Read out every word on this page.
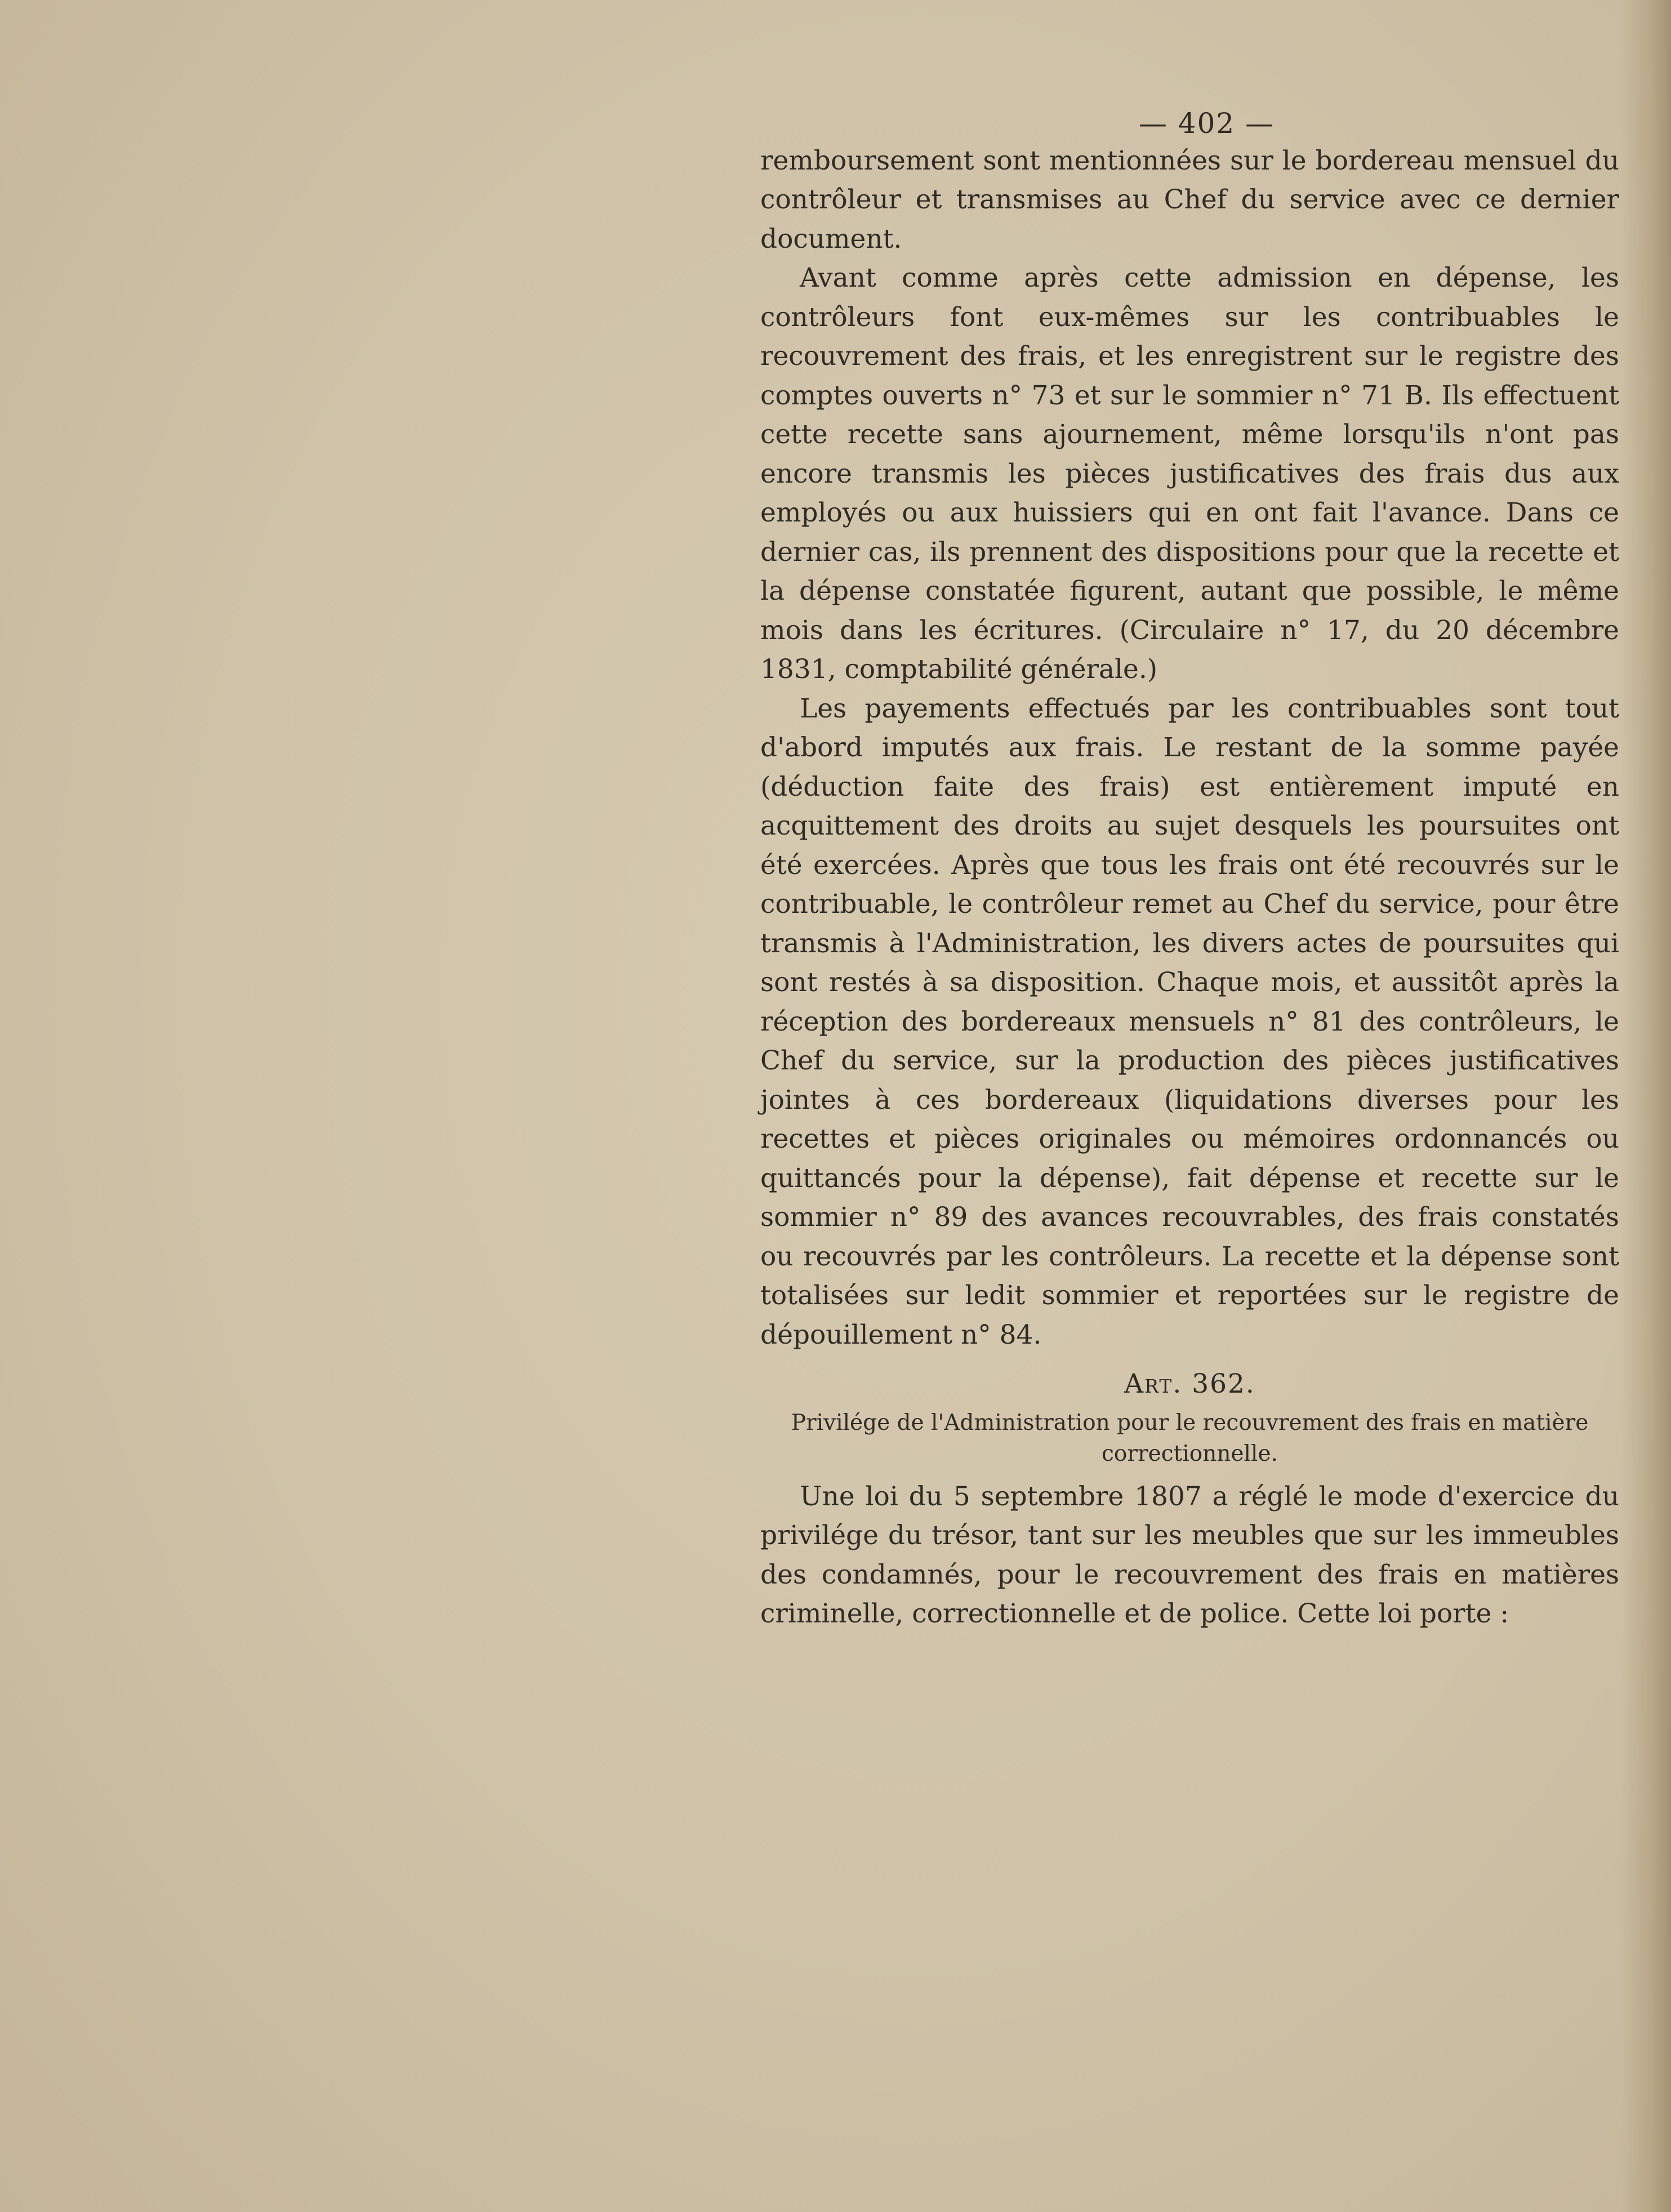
— 402 —

remboursement sont mentionnées sur le bordereau mensuel du contrôleur et transmises au Chef du service avec ce dernier document.

Avant comme après cette admission en dépense, les contrôleurs font eux-mêmes sur les contribuables le recouvrement des frais, et les enregistrent sur le registre des comptes ouverts n° 73 et sur le sommier n° 71 B. Ils effectuent cette recette sans ajournement, même lorsqu'ils n'ont pas encore transmis les pièces justificatives des frais dus aux employés ou aux huissiers qui en ont fait l'avance. Dans ce dernier cas, ils prennent des dispositions pour que la recette et la dépense constatée figurent, autant que possible, le même mois dans les écritures. (Circulaire n° 17, du 20 décembre 1831, comptabilité générale.)

Les payements effectués par les contribuables sont tout d'abord imputés aux frais. Le restant de la somme payée (déduction faite des frais) est entièrement imputé en acquittement des droits au sujet desquels les poursuites ont été exercées. Après que tous les frais ont été recouvrés sur le contribuable, le contrôleur remet au Chef du service, pour être transmis à l'Administration, les divers actes de poursuites qui sont restés à sa disposition. Chaque mois, et aussitôt après la réception des bordereaux mensuels n° 81 des contrôleurs, le Chef du service, sur la production des pièces justificatives jointes à ces bordereaux (liquidations diverses pour les recettes et pièces originales ou mémoires ordonnancés ou quittancés pour la dépense), fait dépense et recette sur le sommier n° 89 des avances recouvrables, des frais constatés ou recouvrés par les contrôleurs. La recette et la dépense sont totalisées sur ledit sommier et reportées sur le registre de dépouillement n° 84.

Art. 362.
Privilége de l'Administration pour le recouvrement des frais en matière correctionnelle.

Une loi du 5 septembre 1807 a réglé le mode d'exercice du privilége du trésor, tant sur les meubles que sur les immeubles des condamnés, pour le recouvrement des frais en matières criminelle, correctionnelle et de police. Cette loi porte :
